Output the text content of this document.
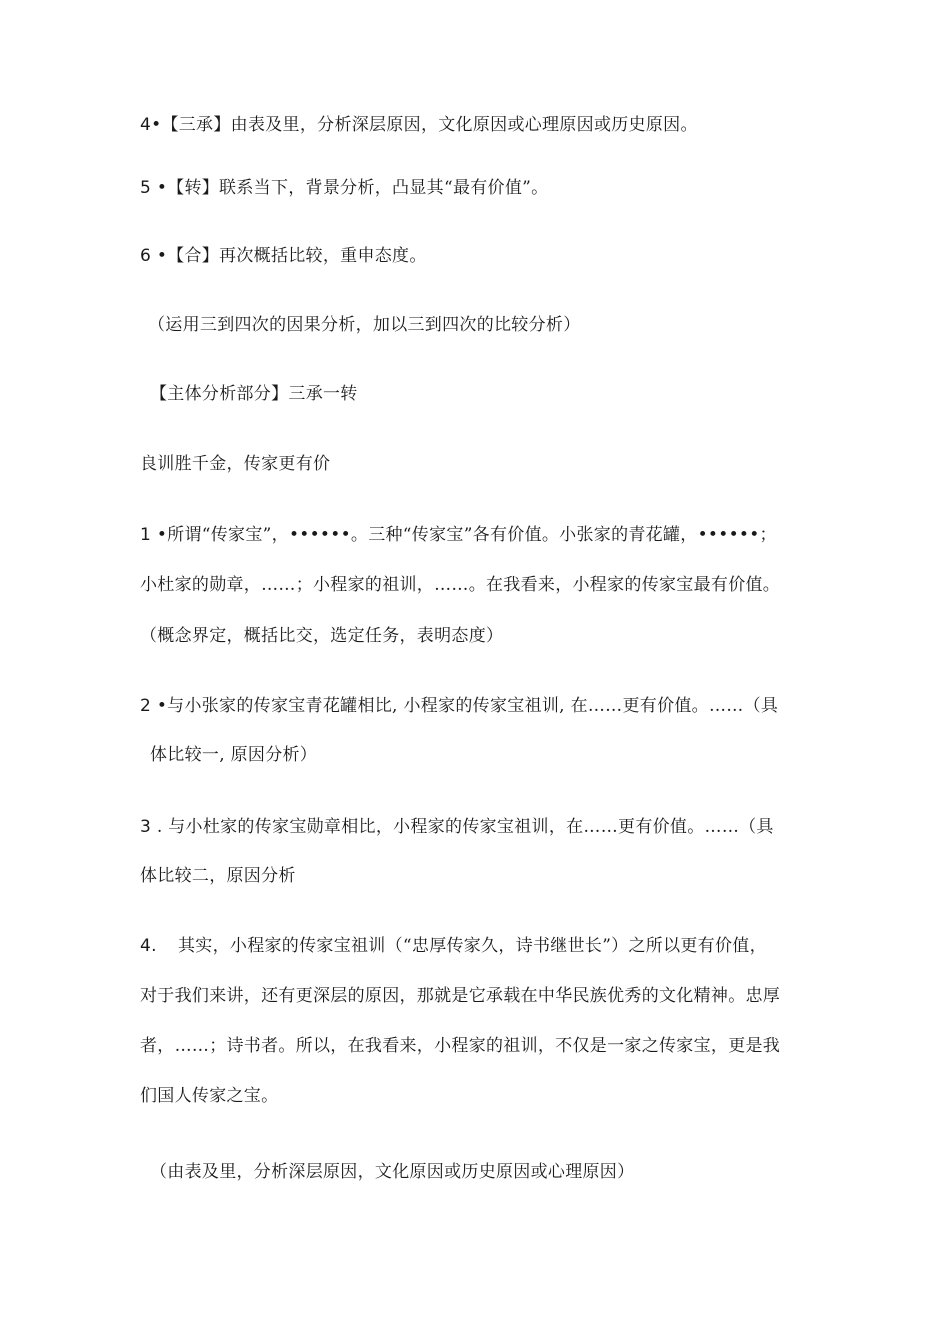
4•【三承】由表及里，分析深层原因，文化原因或心理原因或历史原因。
5 •【转】联系当下，背景分析，凸显其“最有价值”。
6 •【合】再次概括比较，重申态度。
（运用三到四次的因果分析，加以三到四次的比较分析）
【主体分析部分】三承一转
良训胜千金，传家更有价
1 •所谓“传家宝”，••••••。三种“传家宝”各有价值。小张家的青花罐，••••••；
小杜家的勋章，……；小程家的祖训，……。在我看来，小程家的传家宝最有价值。
（概念界定，概括比交，选定任务，表明态度）
2 •与小张家的传家宝青花罐相比, 小程家的传家宝祖训, 在……更有价值。……（具
体比较一, 原因分析）
3 . 与小杜家的传家宝勋章相比，小程家的传家宝祖训，在……更有价值。……（具
体比较二，原因分析
4. 其实，小程家的传家宝祖训（“忠厚传家久，诗书继世长”）之所以更有价值，
对于我们来讲，还有更深层的原因，那就是它承载在中华民族优秀的文化精神。忠厚
者，……；诗书者。所以，在我看来，小程家的祖训，不仅是一家之传家宝，更是我
们国人传家之宝。
（由表及里，分析深层原因，文化原因或历史原因或心理原因）
